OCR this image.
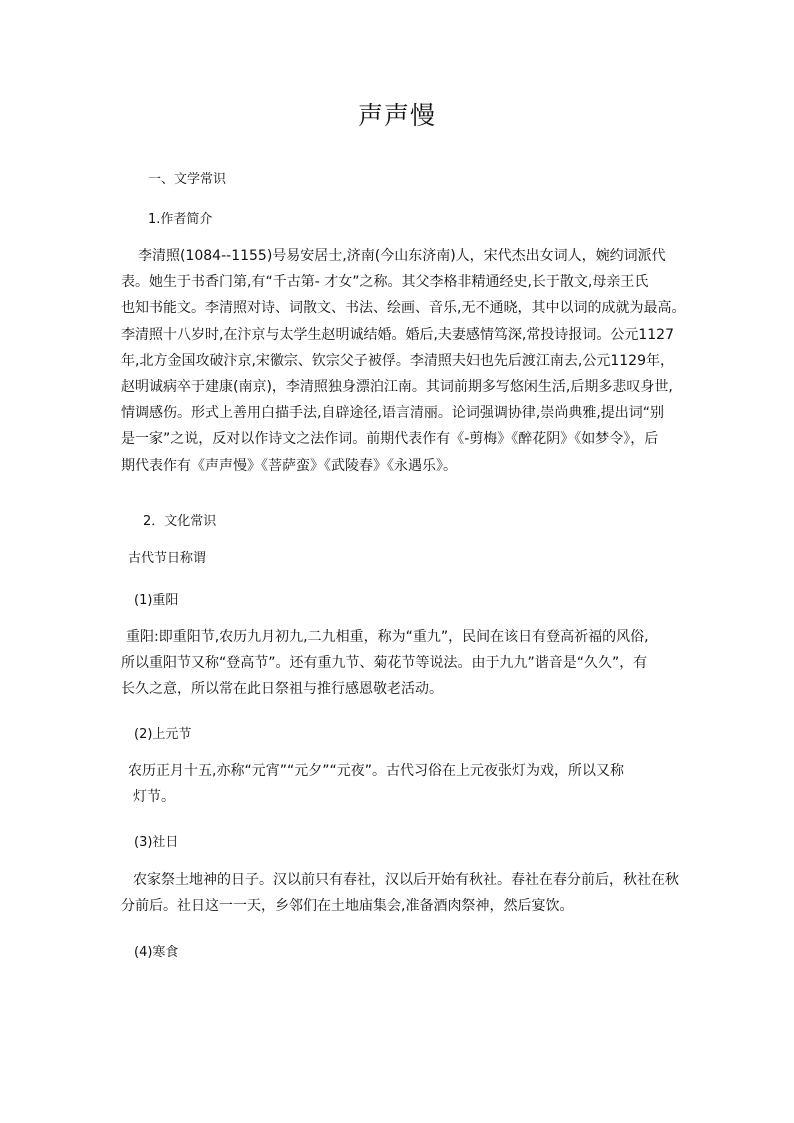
声声慢

一、文学常识

1.作者简介

李清照(1084--1155)号易安居士,济南(今山东济南)人，宋代杰出女词人，婉约词派代
表。她生于书香门第,有“千古第- 才女”之称。其父李格非精通经史,长于散文,母亲王氏
也知书能文。李清照对诗、词散文、书法、绘画、音乐,无不通晓，其中以词的成就为最高。
李清照十八岁时,在汴京与太学生赵明诚结婚。婚后,夫妻感情笃深,常投诗报词。公元1127
年,北方金国攻破汴京,宋徽宗、钦宗父子被俘。李清照夫妇也先后渡江南去,公元1129年，
赵明诚病卒于建康(南京)，李清照独身漂泊江南。其词前期多写悠闲生活,后期多悲叹身世,
情调感伤。形式上善用白描手法,自辟途径,语言清丽。论词强调协律,崇尚典雅,提出词“别
是一家”之说，反对以作诗文之法作词。前期代表作有《-剪梅》《醉花阴》《如梦令》，后
期代表作有《声声慢》《菩萨蛮》《武陵春》《永遇乐》。

2．文化常识

古代节日称谓

(1)重阳

重阳:即重阳节,农历九月初九,二九相重，称为“重九”，民间在该日有登高祈福的风俗,
所以重阳节又称“登高节”。还有重九节、菊花节等说法。由于九九”谐音是“久久”，有
长久之意，所以常在此日祭祖与推行感恩敬老活动。

(2)上元节

农历正月十五,亦称“元宵”“元夕”“元夜”。古代习俗在上元夜张灯为戏，所以又称
灯节。

(3)社日

农家祭土地神的日子。汉以前只有春社，汉以后开始有秋社。春社在春分前后，秋社在秋
分前后。社日这一一天，乡邻们在土地庙集会,准备酒肉祭神，然后宴饮。

(4)寒食
